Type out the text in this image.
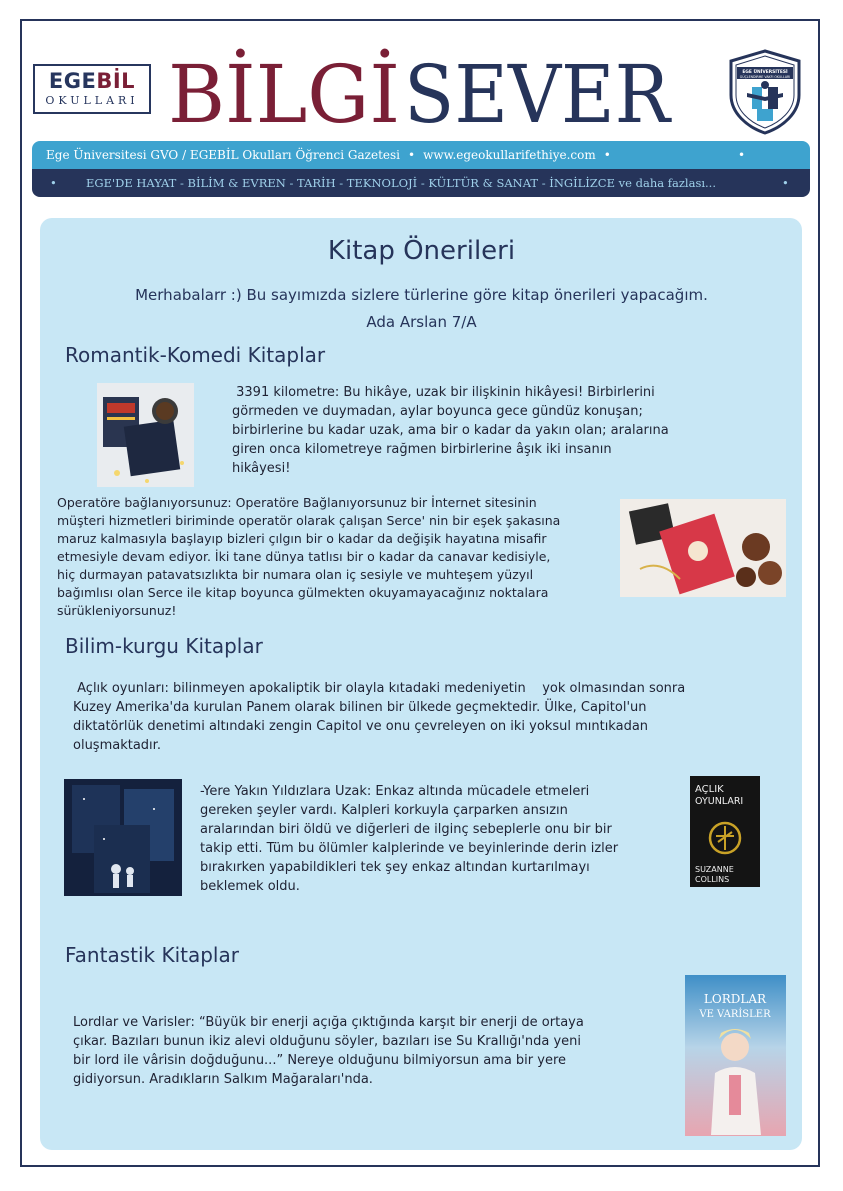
EGEBİL
OKULLARI BİLGİ
SEVER	EGE ÜNİVERSİTESİ
GÜÇLENDİRME VAKFI OKULLARI
Ege Üniversitesi GVO / EGEBİL Okulları Öğrenci Gazetesi • www.egeokullarifethiye.com •	•
•	EGE'DE HAYAT - BİLİM & EVREN - TARİH - TEKNOLOJİ - KÜLTÜR & SANAT - İNGİLİZCE ve daha fazlası...	•
Kitap Önerileri
Merhabalarr :) Bu sayımızda sizlere türlerine göre kitap önerileri yapacağım.
Ada Arslan 7/A
Romantik-Komedi Kitaplar
3391 kilometre: Bu hikâye, uzak bir ilişkinin hikâyesi! Birbirlerini
görmeden ve duymadan, aylar boyunca gece gündüz konuşan;
birbirlerine bu kadar uzak, ama bir o kadar da yakın olan; aralarına
giren onca kilometreye rağmen birbirlerine âşık iki insanın
hikâyesi!
Operatöre bağlanıyorsunuz: Operatöre Bağlanıyorsunuz bir İnternet sitesinin
müşteri hizmetleri biriminde operatör olarak çalışan Serce' nin bir eşek şakasına
maruz kalmasıyla başlayıp bizleri çılgın bir o kadar da değişik hayatına misafir
etmesiyle devam ediyor. İki tane dünya tatlısı bir o kadar da canavar kedisiyle,
hiç durmayan patavatsızlıkta bir numara olan iç sesiyle ve muhteşem yüzyıl
bağımlısı olan Serce ile kitap boyunca gülmekten okuyamayacağınız noktalara
sürükleniyorsunuz!
Bilim-kurgu Kitaplar
Açlık oyunları: bilinmeyen apokaliptik bir olayla kıtadaki medeniyetin    yok olmasından sonra
Kuzey Amerika'da kurulan Panem olarak bilinen bir ülkede geçmektedir. Ülke, Capitol'un
diktatörlük denetimi altındaki zengin Capitol ve onu çevreleyen on iki yoksul mıntıkadan
oluşmaktadır.
-Yere Yakın Yıldızlara Uzak: Enkaz altında mücadele etmeleri
gereken şeyler vardı. Kalpleri korkuyla çarparken ansızın
aralarından biri öldü ve diğerleri de ilginç sebeplerle onu bir bir
takip etti. Tüm bu ölümler kalplerinde ve beyinlerinde derin izler
bırakırken yapabildikleri tek şey enkaz altından kurtarılmayı
beklemek oldu.
AÇLIK
OYUNLARI
SUZANNE
COLLINS
Fantastik Kitaplar
Lordlar ve Varisler: “Büyük bir enerji açığa çıktığında karşıt bir enerji de ortaya
çıkar. Bazıları bunun ikiz alevi olduğunu söyler, bazıları ise Su Krallığı'nda yeni
bir lord ile vârisin doğduğunu...” Nereye olduğunu bilmiyorsun ama bir yere
gidiyorsun. Aradıkların Salkım Mağaraları'nda.
LORDLAR
VE VARİSLER
